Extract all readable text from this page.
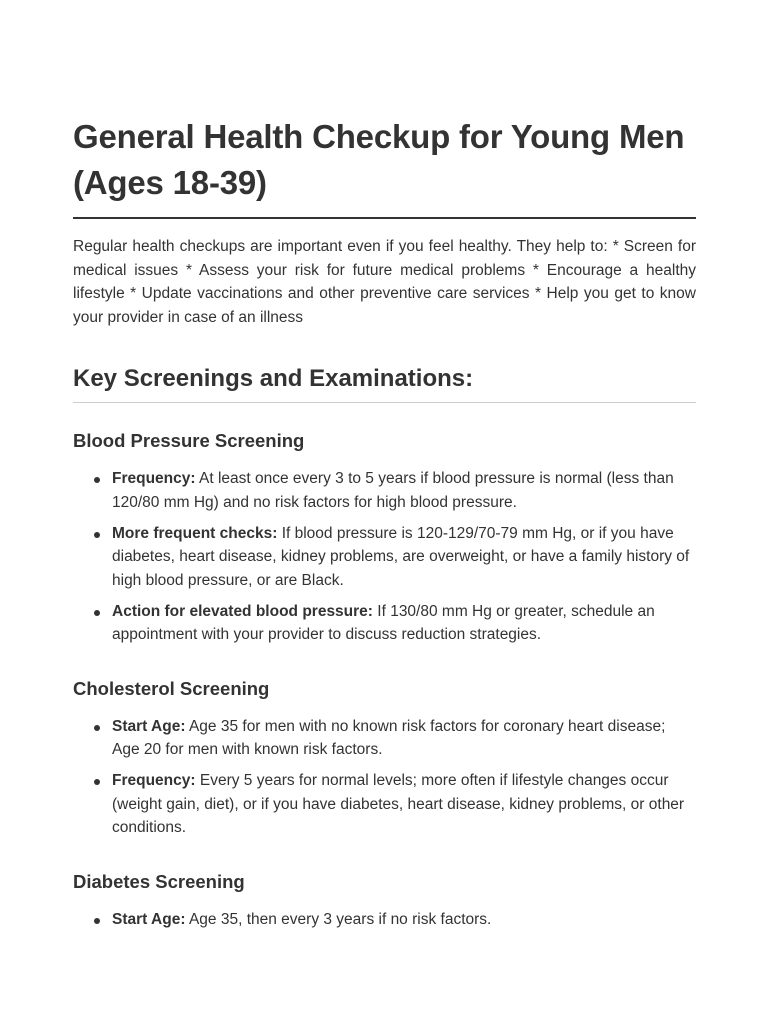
General Health Checkup for Young Men (Ages 18-39)

Regular health checkups are important even if you feel healthy. They help to: * Screen for medical issues * Assess your risk for future medical problems * Encourage a healthy lifestyle * Update vaccinations and other preventive care services * Help you get to know your provider in case of an illness

Key Screenings and Examinations:
Blood Pressure Screening
Frequency: At least once every 3 to 5 years if blood pressure is normal (less than 120/80 mm Hg) and no risk factors for high blood pressure.
More frequent checks: If blood pressure is 120-129/70-79 mm Hg, or if you have diabetes, heart disease, kidney problems, are overweight, or have a family history of high blood pressure, or are Black.
Action for elevated blood pressure: If 130/80 mm Hg or greater, schedule an appointment with your provider to discuss reduction strategies.
Cholesterol Screening
Start Age: Age 35 for men with no known risk factors for coronary heart disease; Age 20 for men with known risk factors.
Frequency: Every 5 years for normal levels; more often if lifestyle changes occur (weight gain, diet), or if you have diabetes, heart disease, kidney problems, or other conditions.
Diabetes Screening
Start Age: Age 35, then every 3 years if no risk factors.
